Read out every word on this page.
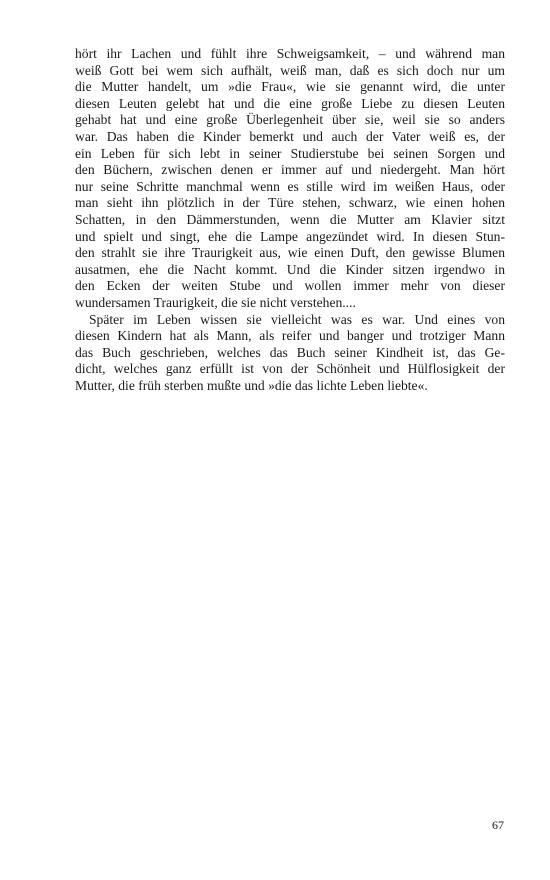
hört ihr Lachen und fühlt ihre Schweigsamkeit, – und während man
weiß Gott bei wem sich aufhält, weiß man, daß es sich doch nur um
die Mutter handelt, um »die Frau«, wie sie genannt wird, die unter
diesen Leuten gelebt hat und die eine große Liebe zu diesen Leuten
gehabt hat und eine große Überlegenheit über sie, weil sie so anders
war. Das haben die Kinder bemerkt und auch der Vater weiß es, der
ein Leben für sich lebt in seiner Studierstube bei seinen Sorgen und
den Büchern, zwischen denen er immer auf und niedergeht. Man hört
nur seine Schritte manchmal wenn es stille wird im weißen Haus, oder
man sieht ihn plötzlich in der Türe stehen, schwarz, wie einen hohen
Schatten, in den Dämmerstunden, wenn die Mutter am Klavier sitzt
und spielt und singt, ehe die Lampe angezündet wird. In diesen Stun-
den strahlt sie ihre Traurigkeit aus, wie einen Duft, den gewisse Blumen
ausatmen, ehe die Nacht kommt. Und die Kinder sitzen irgendwo in
den Ecken der weiten Stube und wollen immer mehr von dieser
wundersamen Traurigkeit, die sie nicht verstehen....
Später im Leben wissen sie vielleicht was es war. Und eines von
diesen Kindern hat als Mann, als reifer und banger und trotziger Mann
das Buch geschrieben, welches das Buch seiner Kindheit ist, das Ge-
dicht, welches ganz erfüllt ist von der Schönheit und Hülflosigkeit der
Mutter, die früh sterben mußte und »die das lichte Leben liebte«.
67
